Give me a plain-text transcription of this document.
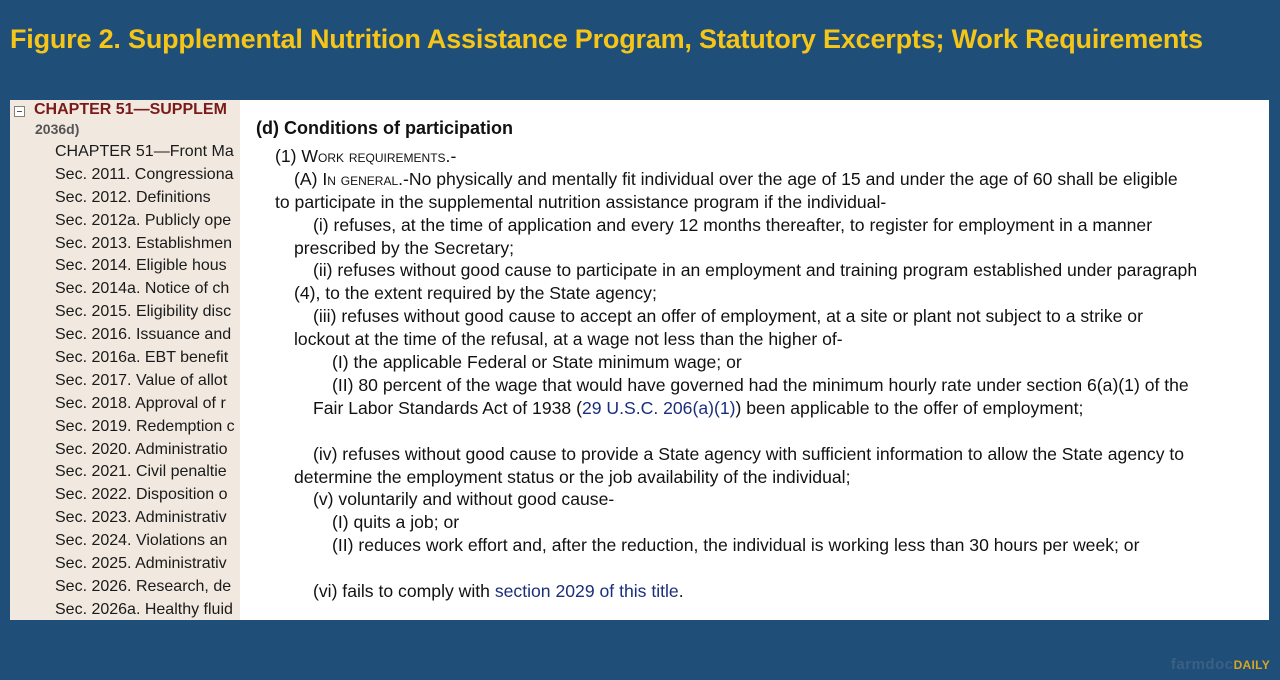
Figure 2. Supplemental Nutrition Assistance Program, Statutory Excerpts; Work Requirements
CHAPTER 51—SUPPLEM
2036d)
CHAPTER 51—Front Ma
Sec. 2011. Congressiona
Sec. 2012. Definitions
Sec. 2012a. Publicly ope
Sec. 2013. Establishmen
Sec. 2014. Eligible hous
Sec. 2014a. Notice of ch
Sec. 2015. Eligibility disc
Sec. 2016. Issuance and
Sec. 2016a. EBT benefit
Sec. 2017. Value of allot
Sec. 2018. Approval of r
Sec. 2019. Redemption c
Sec. 2020. Administratio
Sec. 2021. Civil penaltie
Sec. 2022. Disposition o
Sec. 2023. Administrativ
Sec. 2024. Violations an
Sec. 2025. Administrativ
Sec. 2026. Research, de
Sec. 2026a. Healthy fluid
(d) Conditions of participation
(1) Work requirements.-
(A) In general.-No physically and mentally fit individual over the age of 15 and under the age of 60 shall be eligible
to participate in the supplemental nutrition assistance program if the individual-
(i) refuses, at the time of application and every 12 months thereafter, to register for employment in a manner
prescribed by the Secretary;
(ii) refuses without good cause to participate in an employment and training program established under paragraph
(4), to the extent required by the State agency;
(iii) refuses without good cause to accept an offer of employment, at a site or plant not subject to a strike or
lockout at the time of the refusal, at a wage not less than the higher of-
(I) the applicable Federal or State minimum wage; or
(II) 80 percent of the wage that would have governed had the minimum hourly rate under section 6(a)(1) of the
Fair Labor Standards Act of 1938 (29 U.S.C. 206(a)(1)) been applicable to the offer of employment;
(iv) refuses without good cause to provide a State agency with sufficient information to allow the State agency to
determine the employment status or the job availability of the individual;
(v) voluntarily and without good cause-
(I) quits a job; or
(II) reduces work effort and, after the reduction, the individual is working less than 30 hours per week; or
(vi) fails to comply with section 2029 of this title.
farmdocDAILY
